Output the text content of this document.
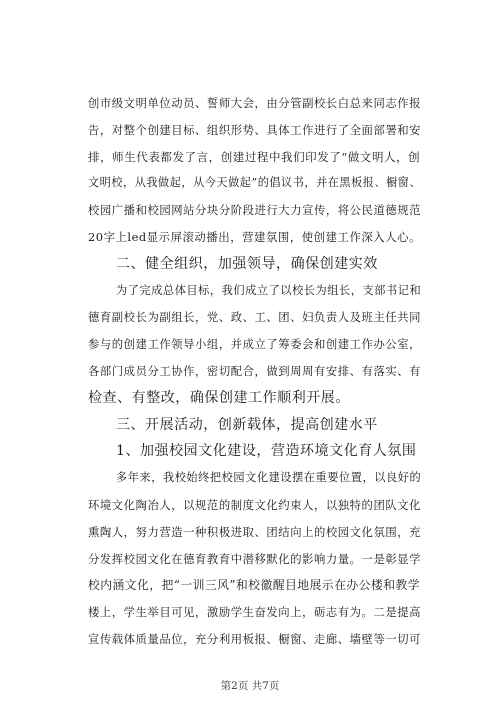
创市级文明单位动员、誓师大会，由分管副校长白总来同志作报
告，对整个创建目标、组织形势、具体工作进行了全面部署和安
排，师生代表都发了言，创建过程中我们印发了“做文明人，创
文明校，从我做起，从今天做起”的倡议书，并在黑板报、橱窗、
校园广播和校园网站分块分阶段进行大力宣传，将公民道德规范
20字上led显示屏滚动播出，营建氛围，使创建工作深入人心。
二、健全组织，加强领导，确保创建实效
为了完成总体目标，我们成立了以校长为组长，支部书记和
德育副校长为副组长，党、政、工、团、妇负责人及班主任共同
参与的创建工作领导小组，并成立了筹委会和创建工作办公室，
各部门成员分工协作，密切配合，做到周周有安排、有落实、有
检查、有整改，确保创建工作顺利开展。
三、开展活动，创新载体，提高创建水平
1、加强校园文化建设，营造环境文化育人氛围
多年来，我校始终把校园文化建设摆在重要位置，以良好的
环境文化陶冶人，以规范的制度文化约束人，以独特的团队文化
熏陶人，努力营造一种积极进取、团结向上的校园文化氛围，充
分发挥校园文化在德育教育中潜移默化的影响力量。一是彰显学
校内涵文化，把“一训三风”和校徽醒目地展示在办公楼和教学
楼上，学生举目可见，激励学生奋发向上，砺志有为。二是提高
宣传载体质量品位，充分利用板报、橱窗、走廊、墙壁等一切可
第2页 共7页
